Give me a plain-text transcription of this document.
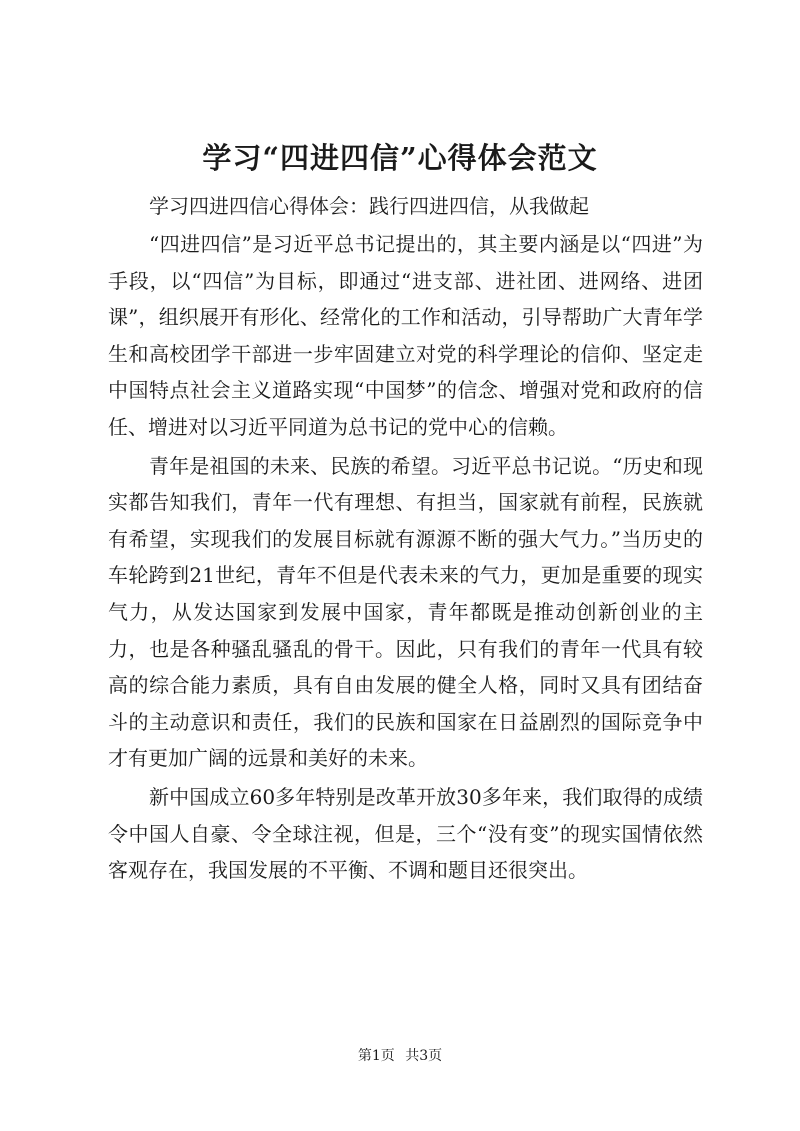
学习“四进四信”心得体会范文

学习四进四信心得体会：践行四进四信，从我做起

“四进四信”是习近平总书记提出的，其主要内涵是以“四进”为手段，以“四信”为目标，即通过“进支部、进社团、进网络、进团课”，组织展开有形化、经常化的工作和活动，引导帮助广大青年学生和高校团学干部进一步牢固建立对党的科学理论的信仰、坚定走中国特点社会主义道路实现“中国梦”的信念、增强对党和政府的信任、增进对以习近平同道为总书记的党中心的信赖。

青年是祖国的未来、民族的希望。习近平总书记说。“历史和现实都告知我们，青年一代有理想、有担当，国家就有前程，民族就有希望，实现我们的发展目标就有源源不断的强大气力。”当历史的车轮跨到21世纪，青年不但是代表未来的气力，更加是重要的现实气力，从发达国家到发展中国家，青年都既是推动创新创业的主力，也是各种骚乱骚乱的骨干。因此，只有我们的青年一代具有较高的综合能力素质，具有自由发展的健全人格，同时又具有团结奋斗的主动意识和责任，我们的民族和国家在日益剧烈的国际竞争中才有更加广阔的远景和美好的未来。

新中国成立60多年特别是改革开放30多年来，我们取得的成绩令中国人自豪、令全球注视，但是，三个“没有变”的现实国情依然客观存在，我国发展的不平衡、不调和题目还很突出。

第1页 共3页
